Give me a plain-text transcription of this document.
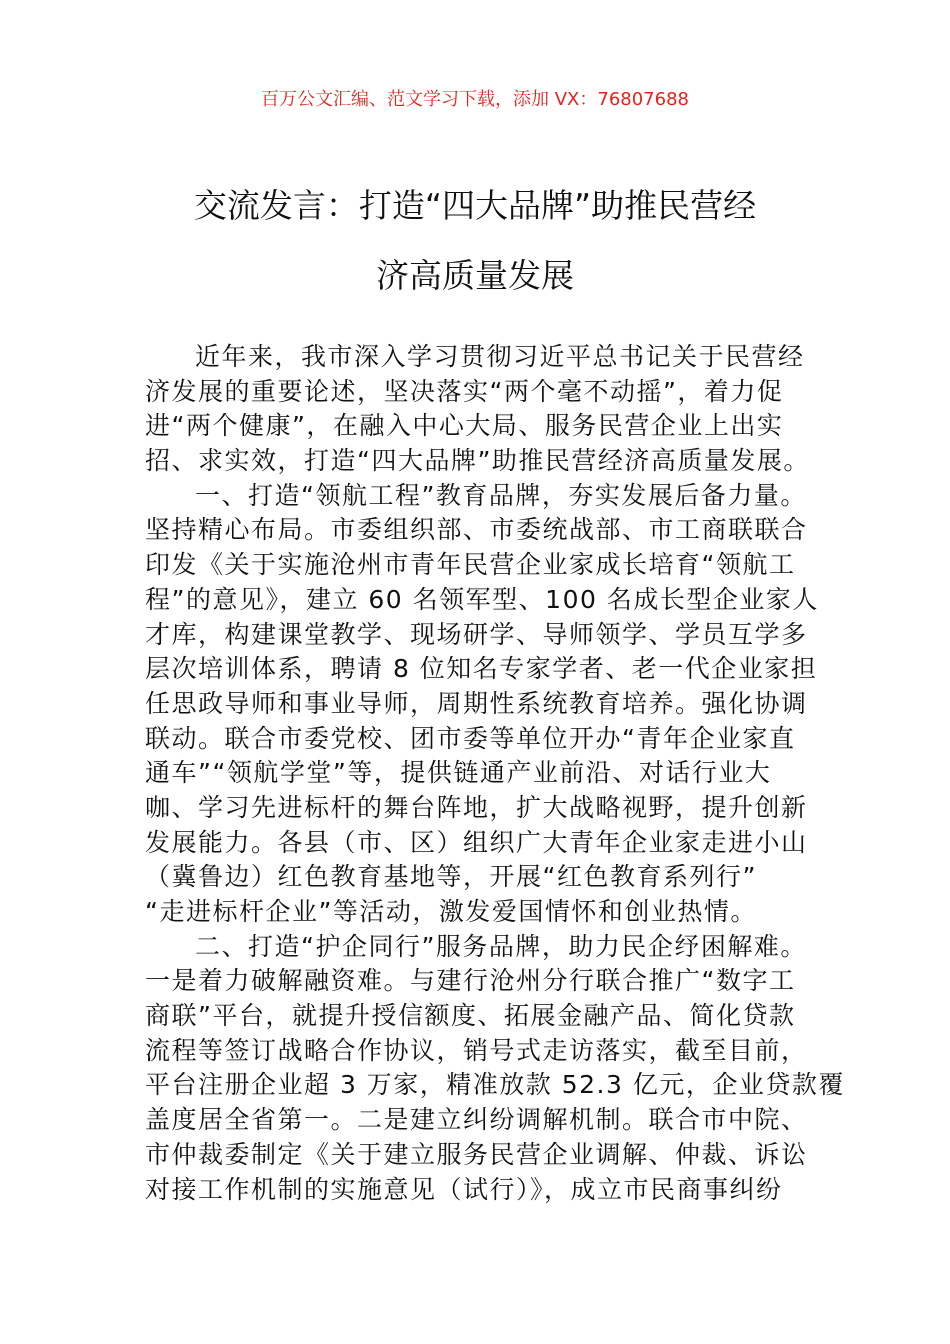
百万公文汇编、范文学习下载，添加 VX：76807688
交流发言：打造“四大品牌”助推民营经
济高质量发展
近年来，我市深入学习贯彻习近平总书记关于民营经
济发展的重要论述，坚决落实“两个毫不动摇”，着力促
进“两个健康”，在融入中心大局、服务民营企业上出实
招、求实效，打造“四大品牌”助推民营经济高质量发展。
一、打造“领航工程”教育品牌，夯实发展后备力量。
坚持精心布局。市委组织部、市委统战部、市工商联联合
印发《关于实施沧州市青年民营企业家成长培育“领航工
程”的意见》，建立 60 名领军型、100 名成长型企业家人
才库，构建课堂教学、现场研学、导师领学、学员互学多
层次培训体系，聘请 8 位知名专家学者、老一代企业家担
任思政导师和事业导师，周期性系统教育培养。强化协调
联动。联合市委党校、团市委等单位开办“青年企业家直
通车”“领航学堂”等，提供链通产业前沿、对话行业大
咖、学习先进标杆的舞台阵地，扩大战略视野，提升创新
发展能力。各县（市、区）组织广大青年企业家走进小山
（冀鲁边）红色教育基地等，开展“红色教育系列行”
“走进标杆企业”等活动，激发爱国情怀和创业热情。
二、打造“护企同行”服务品牌，助力民企纾困解难。
一是着力破解融资难。与建行沧州分行联合推广“数字工
商联”平台，就提升授信额度、拓展金融产品、简化贷款
流程等签订战略合作协议，销号式走访落实，截至目前，
平台注册企业超 3 万家，精准放款 52.3 亿元，企业贷款覆
盖度居全省第一。二是建立纠纷调解机制。联合市中院、
市仲裁委制定《关于建立服务民营企业调解、仲裁、诉讼
对接工作机制的实施意见（试行）》，成立市民商事纠纷
